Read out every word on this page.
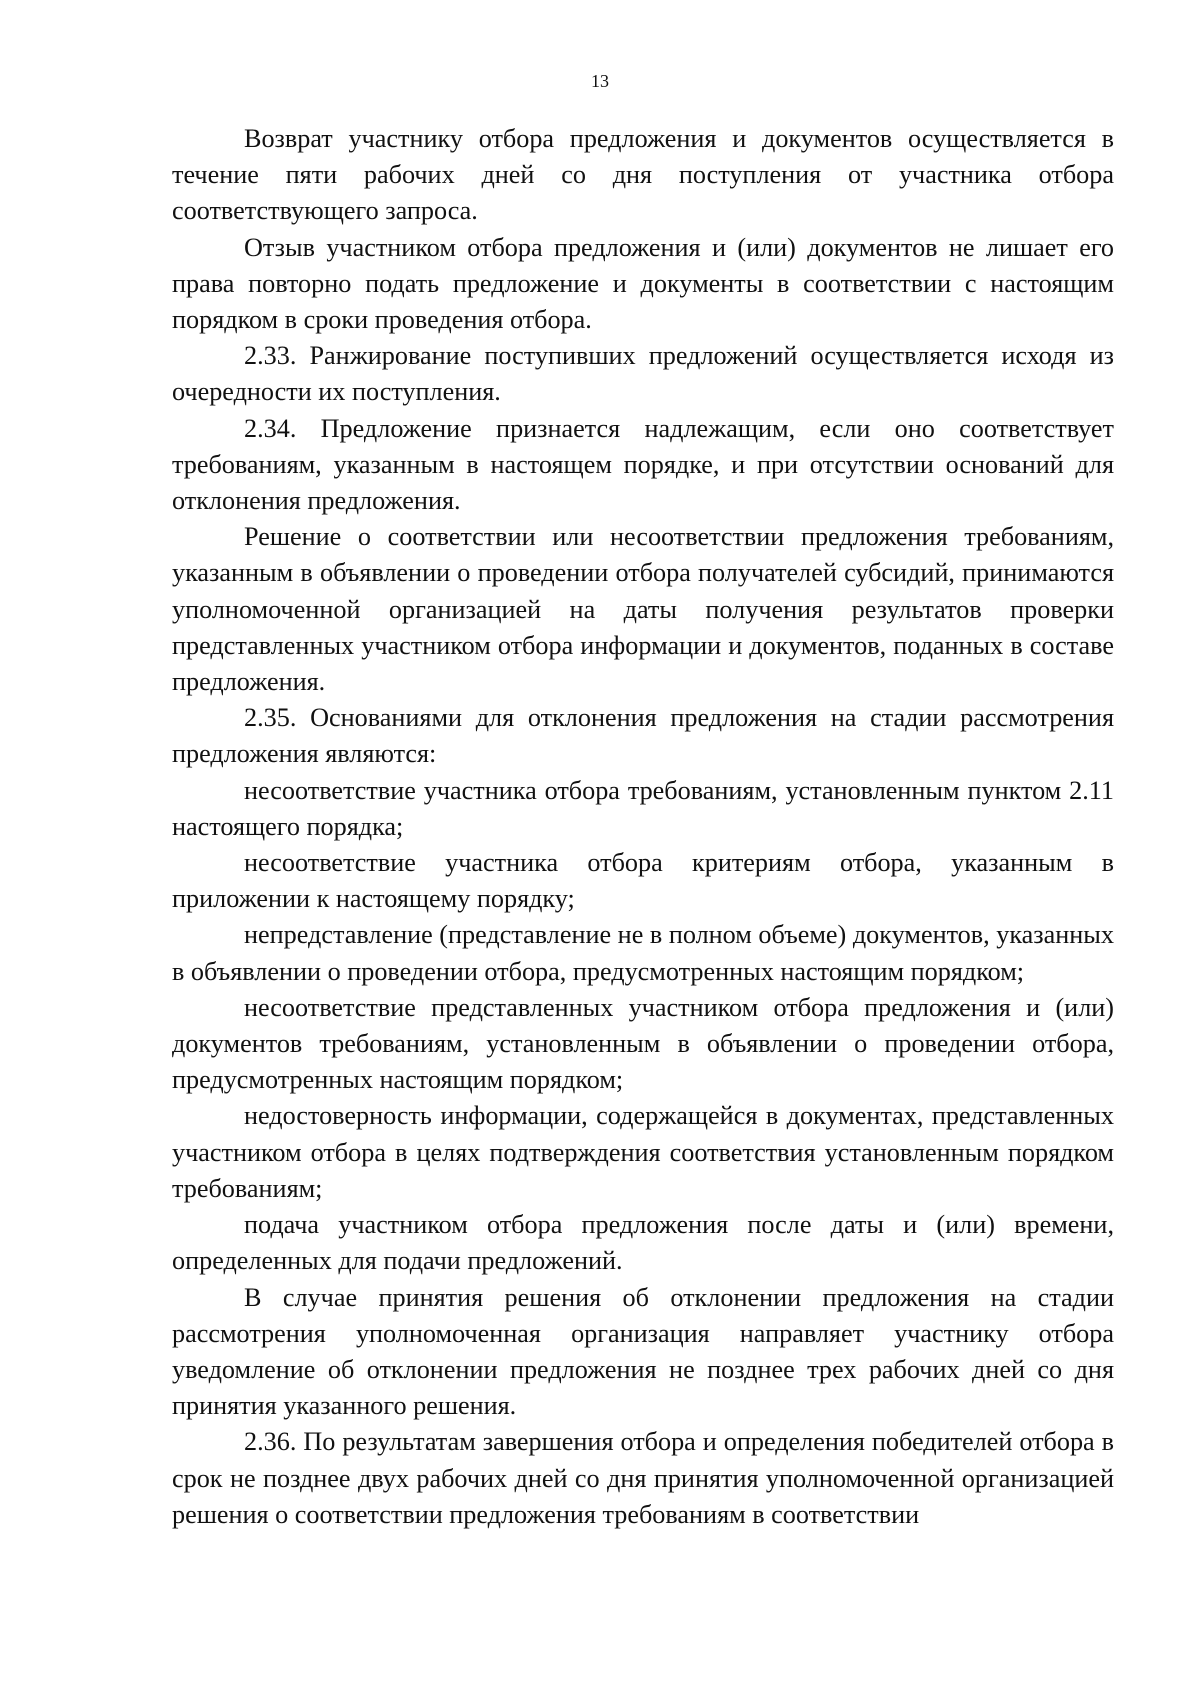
13

Возврат участнику отбора предложения и документов осуществляется в течение пяти рабочих дней со дня поступления от участника отбора соответствующего запроса.

Отзыв участником отбора предложения и (или) документов не лишает его права повторно подать предложение и документы в соответствии с настоящим порядком в сроки проведения отбора.

2.33. Ранжирование поступивших предложений осуществляется исходя из очередности их поступления.

2.34. Предложение признается надлежащим, если оно соответствует требованиям, указанным в настоящем порядке, и при отсутствии оснований для отклонения предложения.

Решение о соответствии или несоответствии предложения требованиям, указанным в объявлении о проведении отбора получателей субсидий, принимаются уполномоченной организацией на даты получения результатов проверки представленных участником отбора информации и документов, поданных в составе предложения.

2.35. Основаниями для отклонения предложения на стадии рассмотрения предложения являются:

несоответствие участника отбора требованиям, установленным пунктом 2.11 настоящего порядка;

несоответствие участника отбора критериям отбора, указанным в приложении к настоящему порядку;

непредставление (представление не в полном объеме) документов, указанных в объявлении о проведении отбора, предусмотренных настоящим порядком;

несоответствие представленных участником отбора предложения и (или) документов требованиям, установленным в объявлении о проведении отбора, предусмотренных настоящим порядком;

недостоверность информации, содержащейся в документах, представленных участником отбора в целях подтверждения соответствия установленным порядком требованиям;

подача участником отбора предложения после даты и (или) времени, определенных для подачи предложений.

В случае принятия решения об отклонении предложения на стадии рассмотрения уполномоченная организация направляет участнику отбора уведомление об отклонении предложения не позднее трех рабочих дней со дня принятия указанного решения.

2.36. По результатам завершения отбора и определения победителей отбора в срок не позднее двух рабочих дней со дня принятия уполномоченной организацией решения о соответствии предложения требованиям в соответствии
